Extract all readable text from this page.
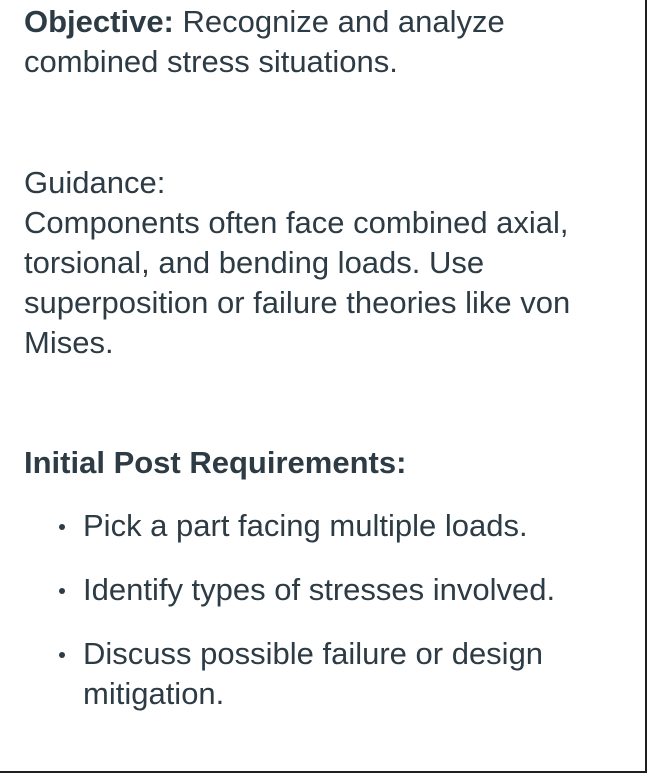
Objective: Recognize and analyze combined stress situations.

Guidance:

Components often face combined axial, torsional, and bending loads. Use superposition or failure theories like von Mises.

Initial Post Requirements:

Pick a part facing multiple loads.
Identify types of stresses involved.
Discuss possible failure or design mitigation.
